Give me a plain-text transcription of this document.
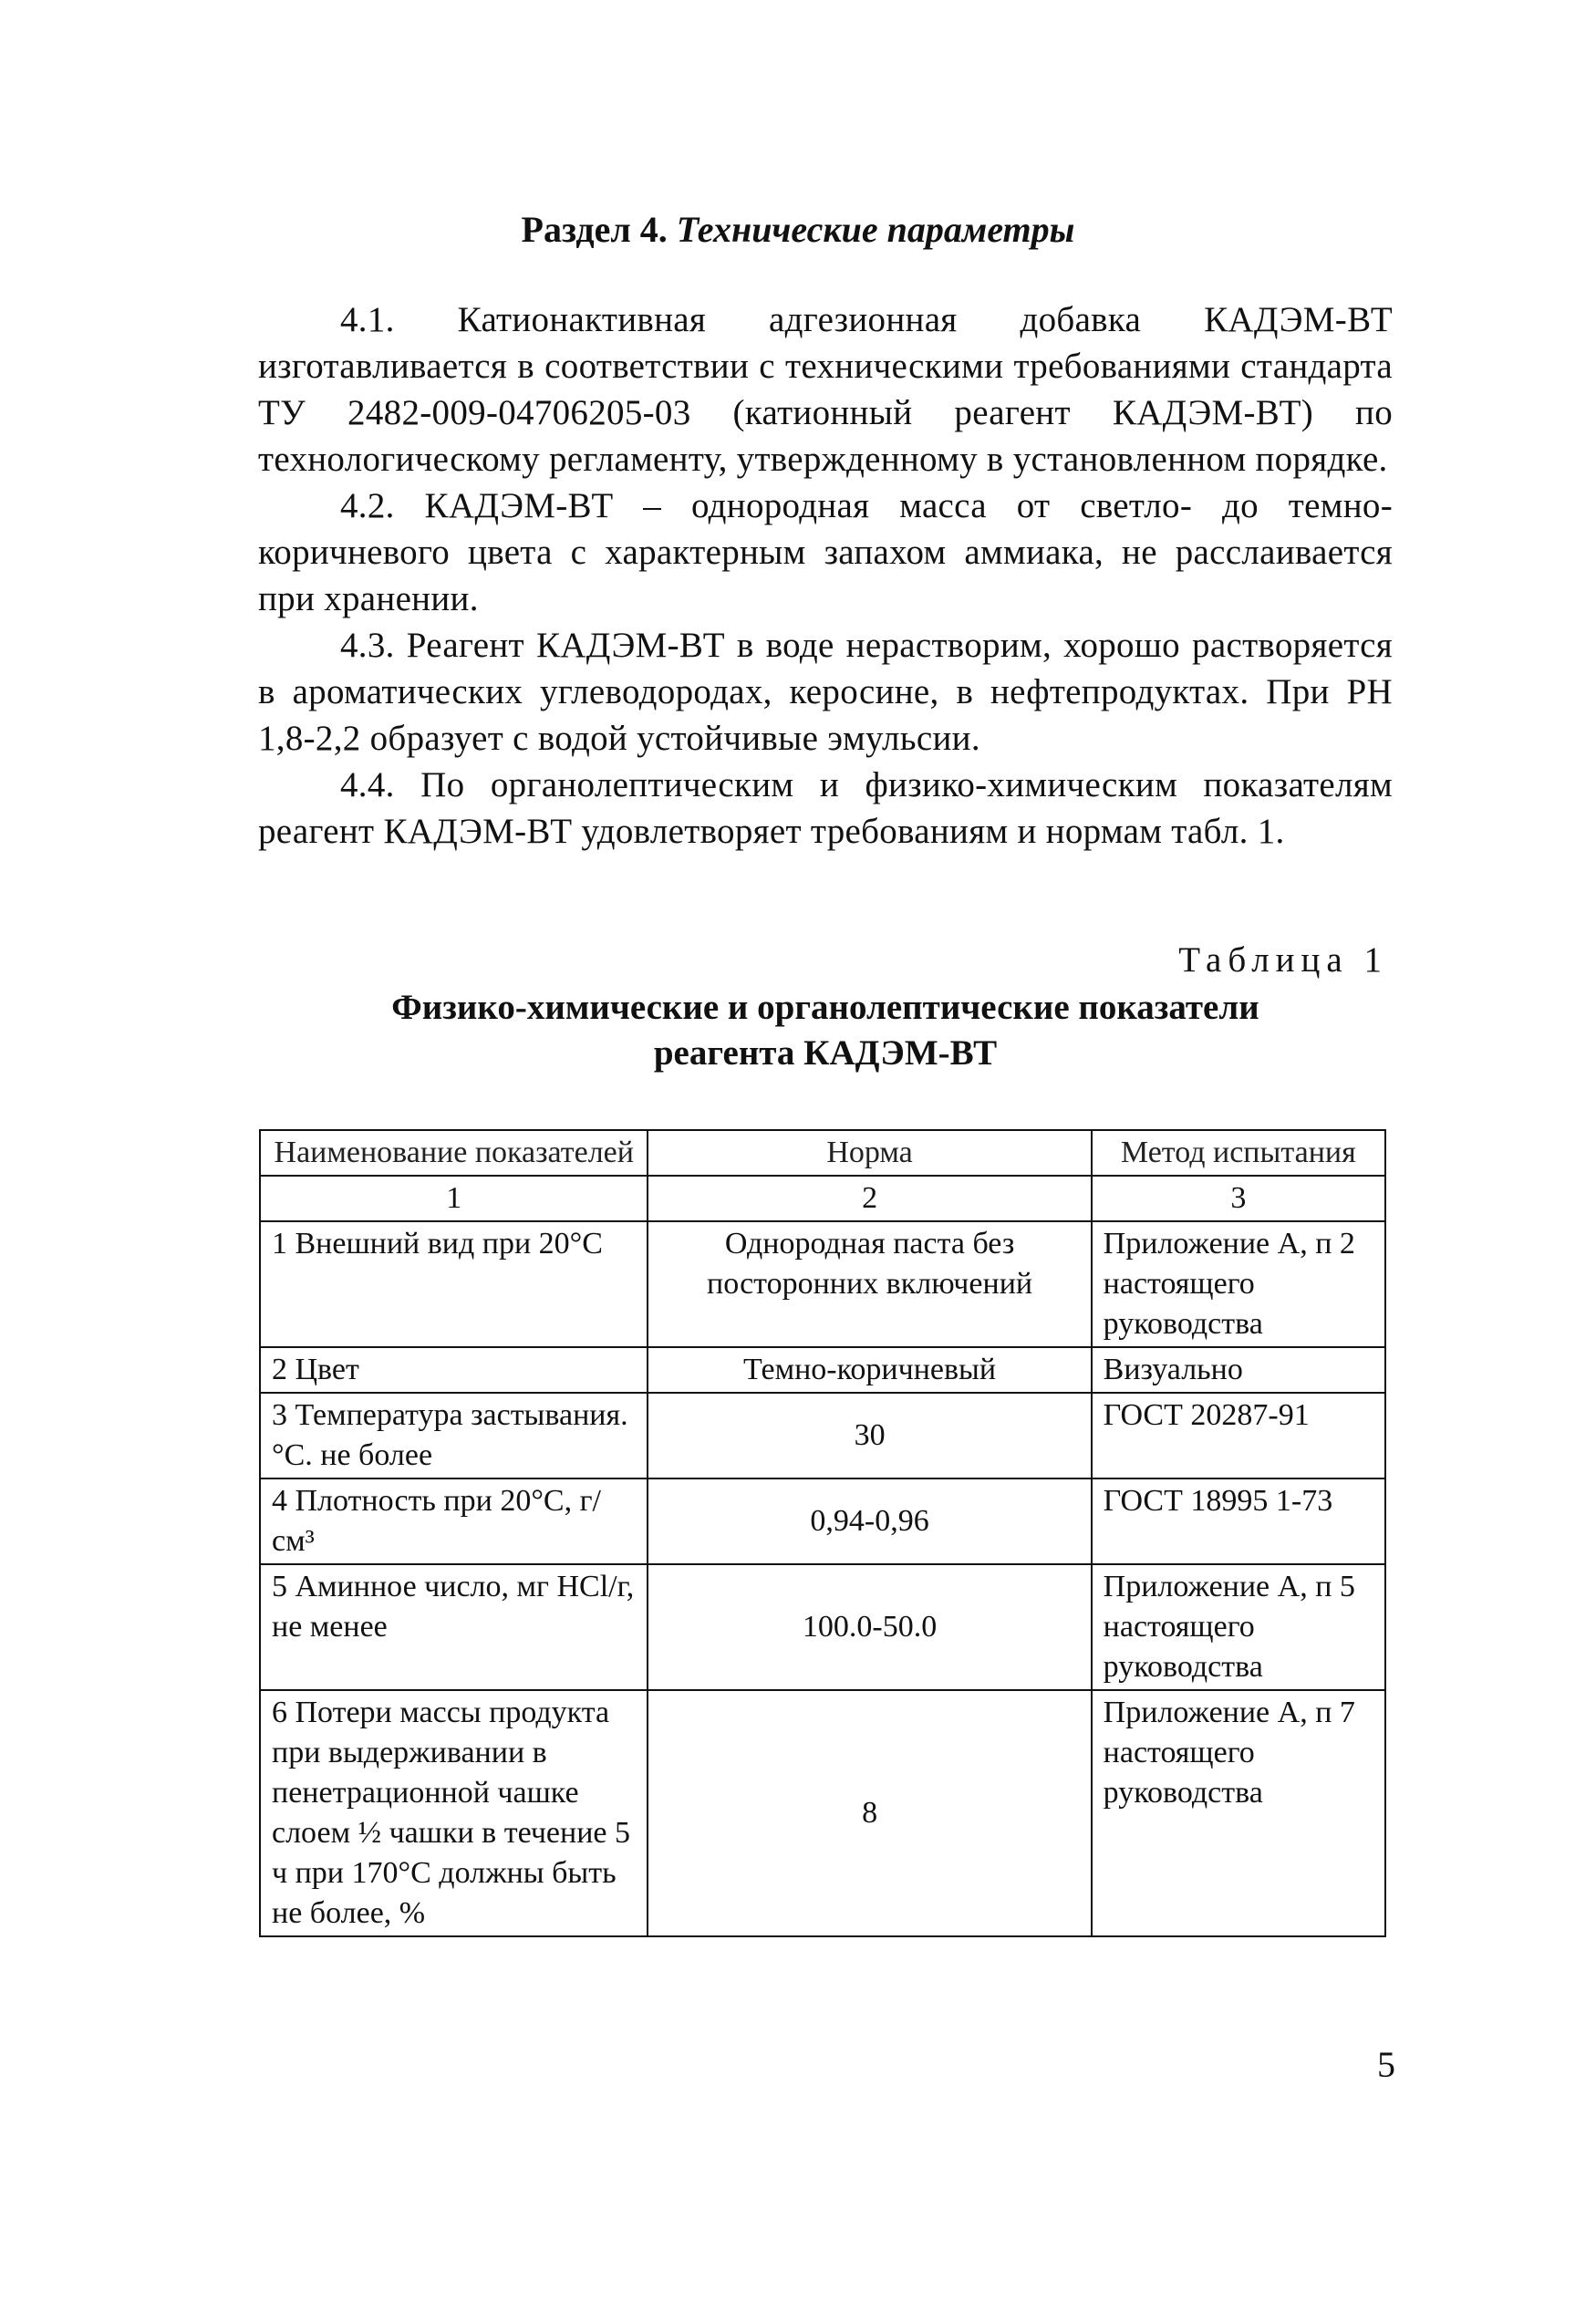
Раздел 4. Технические параметры

4.1. Катионактивная адгезионная добавка КАДЭМ-ВТ изготавливается в соответствии с техническими требованиями стандарта ТУ 2482-009-04706205-03 (катионный реагент КАДЭМ-ВТ) по технологическому регламенту, утвержденному в установленном порядке.

4.2. КАДЭМ-ВТ – однородная масса от светло- до темно-коричневого цвета с характерным запахом аммиака, не расслаивается при хранении.

4.3. Реагент КАДЭМ-ВТ в воде нерастворим, хорошо растворяется в ароматических углеводородах, керосине, в нефтепродуктах. При РН 1,8-2,2 образует с водой устойчивые эмульсии.

4.4. По органолептическим и физико-химическим показателям реагент КАДЭМ-ВТ удовлетворяет требованиям и нормам табл. 1.

Таблица 1
Физико-химические и органолептические показатели
реагента КАДЭМ-ВТ
Наименование показателей	Норма	Метод испытания
1	2	3
1 Внешний вид при 20°С	Однородная паста без посторонних включений	Приложение А, п 2 настоящего руководства
2 Цвет	Темно-коричневый	Визуально
3 Температура застывания. °С. не более	30	ГОСТ 20287-91
4 Плотность при 20°С, г/см³	0,94-0,96	ГОСТ 18995 1-73
5 Аминное число, мг HCl/г, не менее	100.0-50.0	Приложение А, п 5 настоящего руководства
6 Потери массы продукта при выдерживании в пенетрационной чашке слоем ½ чашки в течение 5 ч при 170°С должны быть не более, %	8	Приложение А, п 7 настоящего руководства
5
